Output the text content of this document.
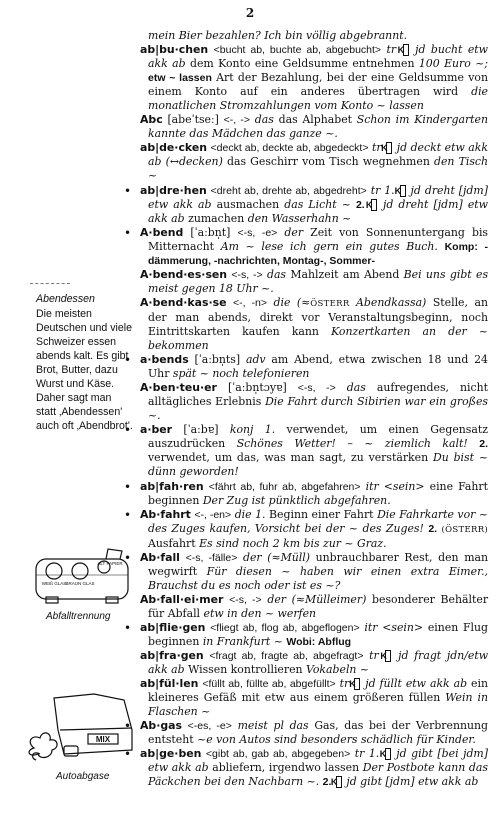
2
Abendessen
Die meisten Deutschen und viele Schweizer essen abends kalt. Es gibt Brot, Butter, dazu Wurst und Käse. Daher sagt man statt ‚Abendessen' auch oft ‚Abendbrot'.
WEIß GLAS BRAUN GLAS
ALT PAPIER
Abfalltrennung
MIX
Autoabgase

mein Bier bezahlen? Ich bin völlig abgebrannt.

ab|bu·chen <bucht ab, buchte ab, abgebucht> tr K jd bucht etw akk ab dem Konto eine Geldsumme entnehmen 100 Euro ~; etw ~ lassen Art der Bezahlung, bei der eine Geldsumme von einem Konto auf ein anderes übertragen wird die monatlichen Stromzahlungen vom Konto ~ lassen

Abc [abeˈtseː] <-, -> das das Alphabet Schon im Kindergarten kannte das Mädchen das ganze ~.

ab|de·cken <deckt ab, deckte ab, abgedeckt> tr K jd deckt etw akk ab (↔decken) das Geschirr vom Tisch wegnehmen den Tisch ~

• ab|dre·hen <dreht ab, drehte ab, abgedreht> tr 1. K jd dreht [jdm] etw akk ab ausmachen das Licht ~ 2. K jd dreht [jdm] etw akk ab zumachen den Wasserhahn ~

• A·bend [ˈaːbn̩t] <-s, -e> der Zeit von Sonnenuntergang bis Mitternacht Am ~ lese ich gern ein gutes Buch. Komp: -dämmerung, -nachrichten, Montag-, Sommer-

A·bend·es·sen <-s, -> das Mahlzeit am Abend Bei uns gibt es meist gegen 18 Uhr ~.

A·bend·kas·se <-, -n> die (≈ÖSTERR Abendkassa) Stelle, an der man abends, direkt vor Veranstaltungsbeginn, noch Eintrittskarten kaufen kann Konzertkarten an der ~ bekommen

• a·bends [ˈaːbn̩ts] adv am Abend, etwa zwischen 18 und 24 Uhr spät ~ noch telefonieren

A·ben·teu·er [ˈaːbn̩tɔyɐ] <-s, -> das aufregendes, nicht alltägliches Erlebnis Die Fahrt durch Sibirien war ein großes ~.

• a·ber [ˈaːbɐ] konj 1. verwendet, um einen Gegensatz auszudrücken Schönes Wetter! – ~ ziemlich kalt! 2. verwendet, um das, was man sagt, zu verstärken Du bist ~ dünn geworden!

• ab|fah·ren <fährt ab, fuhr ab, abgefahren> itr <sein> eine Fahrt beginnen Der Zug ist pünktlich abgefahren.

• Ab·fahrt <-, -en> die 1. Beginn einer Fahrt Die Fahrkarte vor ~ des Zuges kaufen, Vorsicht bei der ~ des Zuges! 2. (ÖSTERR) Ausfahrt Es sind noch 2 km bis zur ~ Graz.

• Ab·fall <-s, -fälle> der (≈Müll) unbrauchbarer Rest, den man wegwirft Für diesen ~ haben wir einen extra Eimer., Brauchst du es noch oder ist es ~?

Ab·fall·ei·mer <-s, -> der (≈Mülleimer) besonderer Behälter für Abfall etw in den ~ werfen

• ab|flie·gen <fliegt ab, flog ab, abgeflogen> itr <sein> einen Flug beginnen in Frankfurt ~ Wobi: Abflug

ab|fra·gen <fragt ab, fragte ab, abgefragt> tr K jd fragt jdn/etw akk ab Wissen kontrollieren Vokabeln ~

ab|fül·len <füllt ab, füllte ab, abgefüllt> tr K jd füllt etw akk ab ein kleineres Gefäß mit etw aus einem größeren füllen Wein in Flaschen ~

• Ab·gas <-es, -e> meist pl das Gas, das bei der Verbrennung entsteht ~e von Autos sind besonders schädlich für Kinder.

• ab|ge·ben <gibt ab, gab ab, abgegeben> tr 1. K jd gibt [bei jdm] etw akk ab abliefern, irgendwo lassen Der Postbote kann das Päckchen bei den Nachbarn ~. 2. K jd gibt [jdm] etw akk ab
